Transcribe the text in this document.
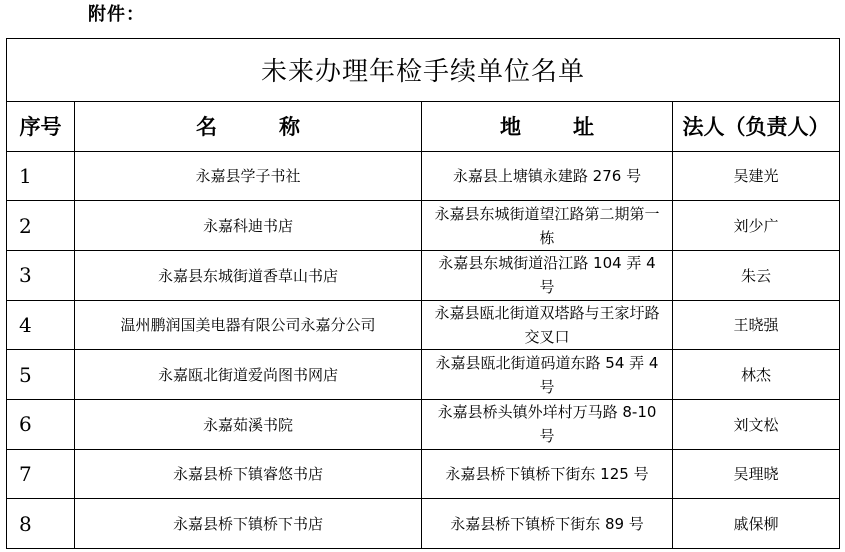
附件：
未来办理年检手续单位名单			
序号	名称	地址	法人（负责人）
1	永嘉县学子书社	永嘉县上塘镇永建路 276 号	吴建光
2	永嘉科迪书店	永嘉县东城街道望江路第二期第一栋	刘少广
3	永嘉县东城街道香草山书店	永嘉县东城街道沿江路 104 弄 4 号	朱云
4	温州鹏润国美电器有限公司永嘉分公司	永嘉县瓯北街道双塔路与王家圩路交叉口	王晓强
5	永嘉瓯北街道爱尚图书网店	永嘉县瓯北街道码道东路 54 弄 4 号	林杰
6	永嘉茹溪书院	永嘉县桥头镇外垟村万马路 8-10 号	刘文松
7	永嘉县桥下镇睿悠书店	永嘉县桥下镇桥下街东 125 号	吴理晓
8	永嘉县桥下镇桥下书店	永嘉县桥下镇桥下街东 89 号	戚保柳
